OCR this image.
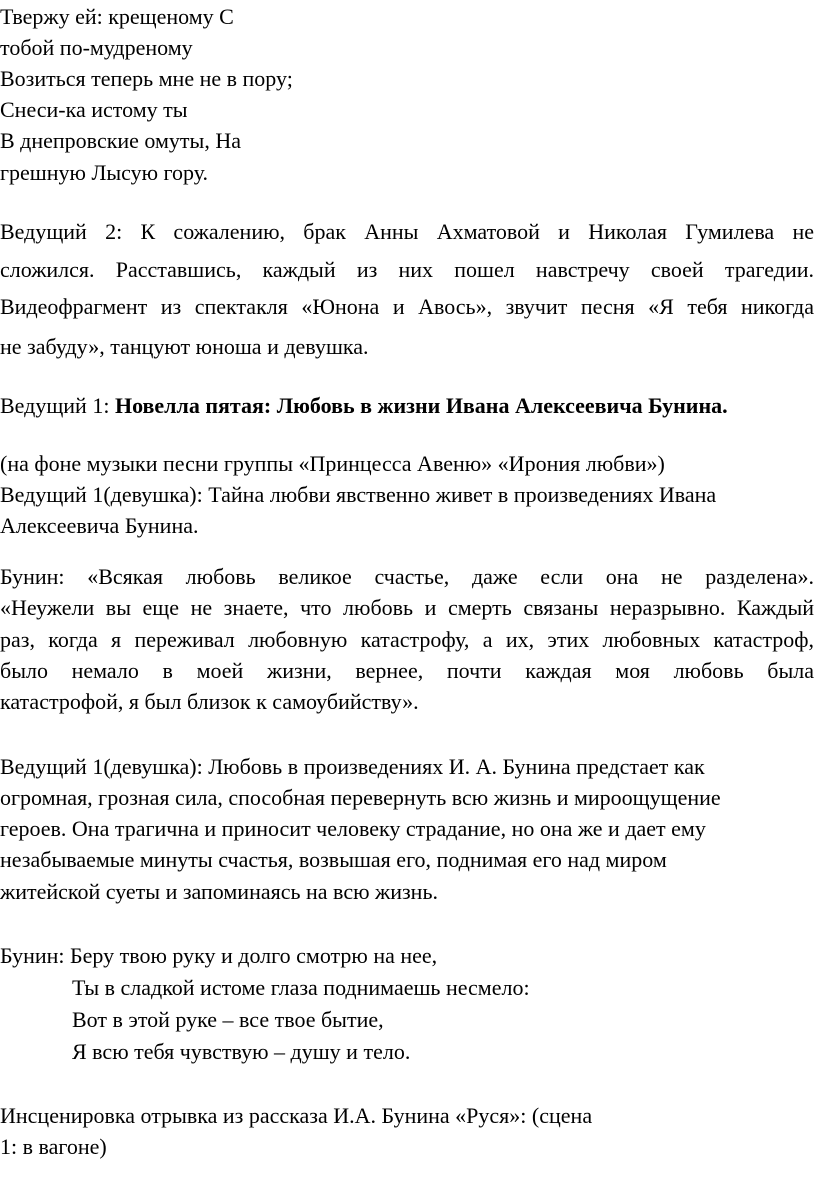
Твержу ей: крещеному С
тобой по-мудреному
Возиться теперь мне не в пору;
Снеси-ка истому ты
В днепровские омуты, На
грешную Лысую гору.
Ведущий 2: К сожалению, брак Анны Ахматовой и Николая Гумилева не
сложился. Расставшись, каждый из них пошел навстречу своей трагедии.
Видеофрагмент из спектакля «Юнона и Авось», звучит песня «Я тебя никогда
не забуду», танцуют юноша и девушка.
Ведущий 1: Новелла пятая: Любовь в жизни Ивана Алексеевича Бунина.
(на фоне музыки песни группы «Принцесса Авеню» «Ирония любви»)
Ведущий 1(девушка): Тайна любви явственно живет в произведениях Ивана
Алексеевича Бунина.
Бунин: «Всякая любовь великое счастье, даже если она не разделена».
«Неужели вы еще не знаете, что любовь и смерть связаны неразрывно. Каждый
раз, когда я переживал любовную катастрофу, а их, этих любовных катастроф,
было немало в моей жизни, вернее, почти каждая моя любовь была
катастрофой, я был близок к самоубийству».
Ведущий 1(девушка): Любовь в произведениях И. А. Бунина предстает как
огромная, грозная сила, способная перевернуть всю жизнь и мироощущение
героев. Она трагична и приносит человеку страдание, но она же и дает ему
незабываемые минуты счастья, возвышая его, поднимая его над миром
житейской суеты и запоминаясь на всю жизнь.
Бунин: Беру твою руку и долго смотрю на нее,
Ты в сладкой истоме глаза поднимаешь несмело:
Вот в этой руке – все твое бытие,
Я всю тебя чувствую – душу и тело.
Инсценировка отрывка из рассказа И.А. Бунина «Руся»: (сцена
1: в вагоне)
